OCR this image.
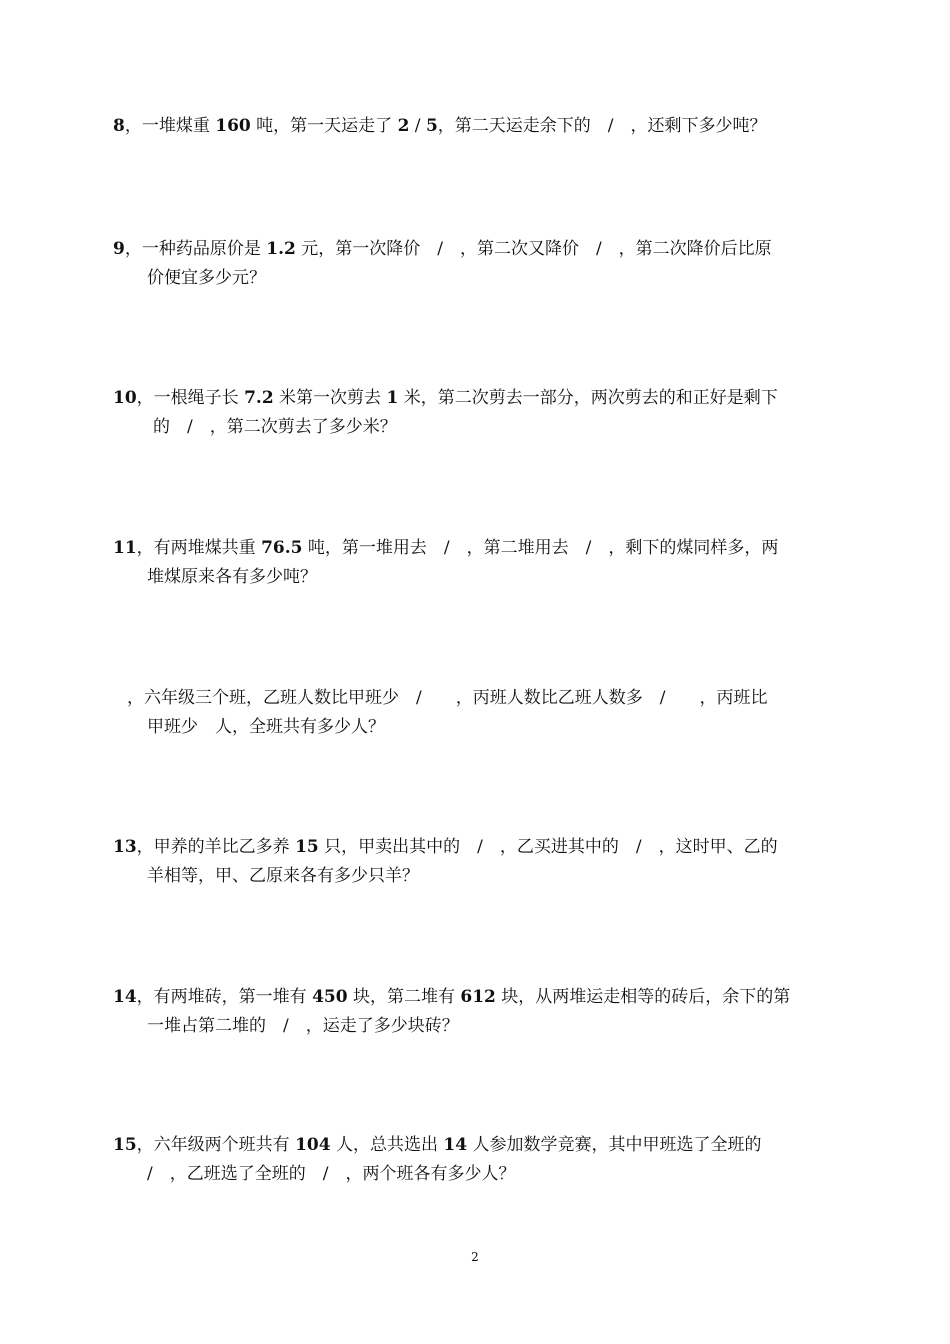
8，一堆煤重 160 吨，第一天运走了 2 / 5，第二天运走余下的　/　，还剩下多少吨？
9，一种药品原价是 1.2 元，第一次降价　/　，第二次又降价　/　，第二次降价后比原
价便宜多少元？
10，一根绳子长 7.2 米第一次剪去 1 米，第二次剪去一部分，两次剪去的和正好是剩下
的　/　，第二次剪去了多少米？
11，有两堆煤共重 76.5 吨，第一堆用去　/　，第二堆用去　/　，剩下的煤同样多，两
堆煤原来各有多少吨？
，六年级三个班，乙班人数比甲班少　/　　，丙班人数比乙班人数多　/　　，丙班比
甲班少　人，全班共有多少人？
13，甲养的羊比乙多养 15 只，甲卖出其中的　/　，乙买进其中的　/　，这时甲、乙的
羊相等，甲、乙原来各有多少只羊？
14，有两堆砖，第一堆有 450 块，第二堆有 612 块，从两堆运走相等的砖后，余下的第
一堆占第二堆的　/　，运走了多少块砖？
15，六年级两个班共有 104 人，总共选出 14 人参加数学竞赛，其中甲班选了全班的
/　，乙班选了全班的　/　，两个班各有多少人？
2
